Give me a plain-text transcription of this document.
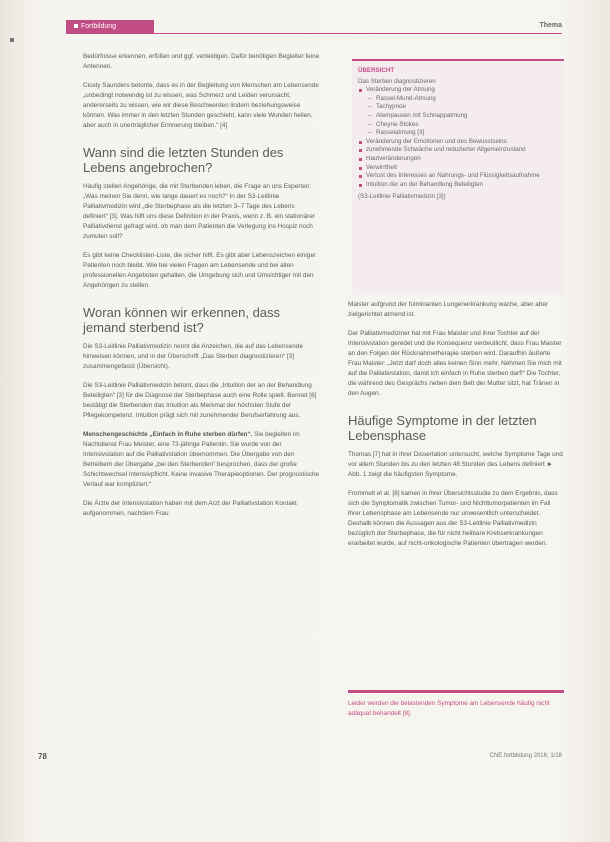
Fortbildung	Thema

Bedürfnisse erkennen, erfüllen und ggf. verteidigen. Dafür benötigen Begleiter feine Antennen.

Cicely Saunders betonte, dass es in der Begleitung von Menschen am Lebensende „unbedingt notwendig ist zu wissen, was Schmerz und Leiden verursacht, andererseits zu wissen, wie wir diese Beschwerden lindern beziehungsweise können. Was immer in den letzten Stunden geschieht, kann viele Wunden heilen, aber auch in unerträglicher Erinnerung bleiben.“ [4]

Wann sind die letzten Stunden des Lebens angebrochen?

Häufig stellen Angehörige, die mit Sterbenden leben, die Frage an uns Experten: „Was meinen Sie denn, wie lange dauert es noch?“ In der S3-Leitlinie Palliativmedizin wird „die Sterbephase als die letzten 3–7 Tage des Lebens definiert“ [3]. Was hilft uns diese Definition in der Praxis, wenn z. B. ein stationärer Palliativdienst gefragt wird, ob man dem Patienten die Verlegung ins Hospiz noch zumuten soll?

Es gibt keine Checklisten-Liste, die sicher hilft. Es gibt aber Lebenszeichen einiger Patienten noch bleibt. Wie bei vielen Fragen am Lebensende und bei allen professionellen Angeboten gehalten, die Umgebung sich und Umsichtiger mit den Angehörigen zu stellen.

Woran können wir erkennen, dass jemand sterbend ist?

Die S3-Leitlinie Palliativmedizin nennt die Anzeichen, die auf das Lebensende hinweisen können, und in der Überschrift „Das Sterben diagnostizieren“ [3] zusammengefasst (Übersicht).

Die S3-Leitlinie Palliativmedizin betont, dass die „Intuition der an der Behandlung Beteiligten“ [3] für die Diagnose der Sterbephase auch eine Rolle spielt. Bennet [6] bestätigt die Sterbenden das Intuition als Merkmal der höchsten Stufe der Pflegekompetenz. Intuition prägt sich mit zunehmender Berufserfahrung aus.

Menschengeschichte „Einfach in Ruhe sterben dürfen“. Sie begleiten im Nachtdienst Frau Meister, eine 73-jährige Patientin. Sie wurde von der Intensivstation auf die Palliativstation übernommen. Die Übergabe von den Betreibern der Übergabe „bei den Sterbenden“ besprochen, dass der große Schichtwechsel Intensivpflicht. Keine invasive Therapieoptionen. Der prognostische Verlauf war kompliziert.“

Die Ärzte der Intensivstation haben mit dem Arzt der Palliativstation Kontakt aufgenommen, nachdem Frau

ÜBERSICHT
Das Sterben diagnostizieren
Veränderung der Atmung
– Rassel-Mund-Atmung
– Tachypnoe
– Atempausen mit Schnappatmung
– Cheyne-Stokes
– Rasselatmung [3]
Veränderung der Emotionen und des Bewusstseins
zunehmende Schwäche und reduzierter Allgemeinzustand
Hautveränderungen
Verwirrtheit
Verlust des Interesses an Nahrungs- und Flüssigkeitsaufnahme
Intuition der an der Behandlung Beteiligten
(S3-Leitlinie Palliativmedizin [3])

Maister aufgrund der fulminanten Lungenerkrankung wache, aber aber zielgerichtet atmend ist.

Der Palliativmediziner hat mit Frau Maister und ihrer Tochter auf der Intensivstation geredet und die Konsequenz verdeutlicht, dass Frau Maister an den Folgen der Rücknahmetherapie sterben wird. Daraufhin äußerte Frau Maister: „Jetzt darf doch alles keinen Sinn mehr. Nehmen Sie mich mit auf die Palliativstation, damit ich einfach in Ruhe sterben darf!“ Die Tochter, die während des Gesprächs neben dem Bett der Mutter sitzt, hat Tränen in den Augen.

Häufige Symptome in der letzten Lebensphase

Thomas [7] hat in ihrer Dissertation untersucht, welche Symptome Tage und vor allem Stunden bis zu den letzten 48 Stunden des Lebens definiert ► Abb. 1 zeigt die häufigsten Symptome.

Frommelt et al. [8] kamen in ihrer Übersichtsstudie zu dem Ergebnis, dass sich die Symptomatik zwischen Tumor- und Nichttumorpatienten im Fall ihrer Lebensphase am Lebensende nur unwesentlich unterscheidet. Deshalb können die Aussagen aus der S3-Leitlinie Palliativmedizin bezüglich der Sterbephase, die für nicht heilbare Krebserkrankungen erarbeitet wurde, auf nicht-onkologische Patienten übertragen werden.

Leider werden die belastenden Symptome am Lebensende häufig nicht adäquat behandelt [8].
78	CNE.fortbildung 2016; 1/18
